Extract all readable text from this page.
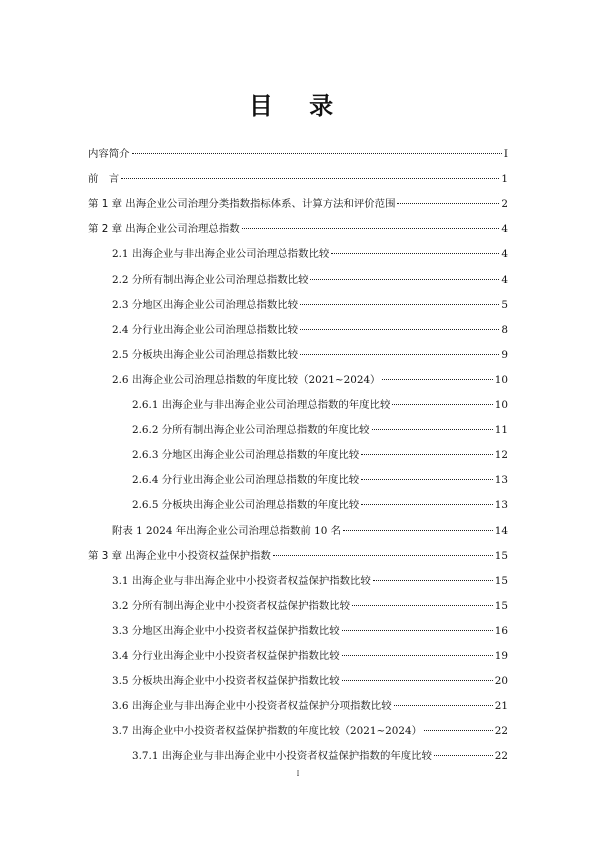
目 录
内容简介	I
前　言	1
第 1 章 出海企业公司治理分类指数指标体系、计算方法和评价范围	2
第 2 章 出海企业公司治理总指数	4
2.1 出海企业与非出海企业公司治理总指数比较	4
2.2 分所有制出海企业公司治理总指数比较	4
2.3 分地区出海企业公司治理总指数比较	5
2.4 分行业出海企业公司治理总指数比较	8
2.5 分板块出海企业公司治理总指数比较	9
2.6 出海企业公司治理总指数的年度比较（2021~2024）	10
2.6.1 出海企业与非出海企业公司治理总指数的年度比较	10
2.6.2 分所有制出海企业公司治理总指数的年度比较	11
2.6.3 分地区出海企业公司治理总指数的年度比较	12
2.6.4 分行业出海企业公司治理总指数的年度比较	13
2.6.5 分板块出海企业公司治理总指数的年度比较	13
附表 1 2024 年出海企业公司治理总指数前 10 名	14
第 3 章 出海企业中小投资权益保护指数	15
3.1 出海企业与非出海企业中小投资者权益保护指数比较	15
3.2 分所有制出海企业中小投资者权益保护指数比较	15
3.3 分地区出海企业中小投资者权益保护指数比较	16
3.4 分行业出海企业中小投资者权益保护指数比较	19
3.5 分板块出海企业中小投资者权益保护指数比较	20
3.6 出海企业与非出海企业中小投资者权益保护分项指数比较	21
3.7 出海企业中小投资者权益保护指数的年度比较（2021~2024）	22
3.7.1 出海企业与非出海企业中小投资者权益保护指数的年度比较	22
I
